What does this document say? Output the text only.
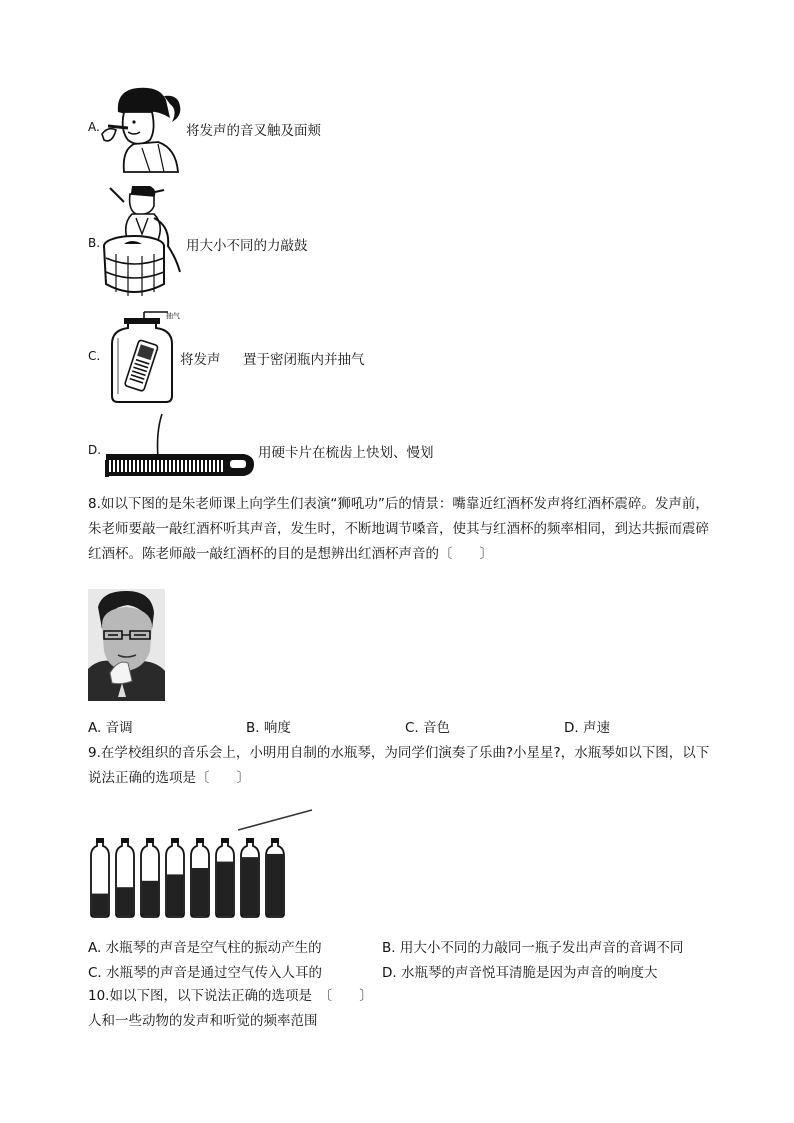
A.	将发声的音叉触及面颊
B.	用大小不同的力敲鼓
C.
抽气
将发声 置于密闭瓶内并抽气
D.	用硬卡片在梳齿上快划、慢划
8.如以下图的是朱老师课上向学生们表演“狮吼功”后的情景：嘴靠近红酒杯发声将红酒杯震碎。发声前，
朱老师要敲一敲红酒杯听其声音，发生时，不断地调节嗓音，使其与红酒杯的频率相同，到达共振而震碎
红酒杯。陈老师敲一敲红酒杯的目的是想辨出红酒杯声音的〔　　〕
A. 音调	B. 响度	C. 音色	D. 声速
9.在学校组织的音乐会上，小明用自制的水瓶琴，为同学们演奏了乐曲?小星星?，水瓶琴如以下图，以下
说法正确的选项是〔　　〕
A. 水瓶琴的声音是空气柱的振动产生的	B. 用大小不同的力敲同一瓶子发出声音的音调不同
C. 水瓶琴的声音是通过空气传入人耳的	D. 水瓶琴的声音悦耳清脆是因为声音的响度大
10.如以下图，以下说法正确的选项是　〔　　〕
人和一些动物的发声和听觉的频率范围
